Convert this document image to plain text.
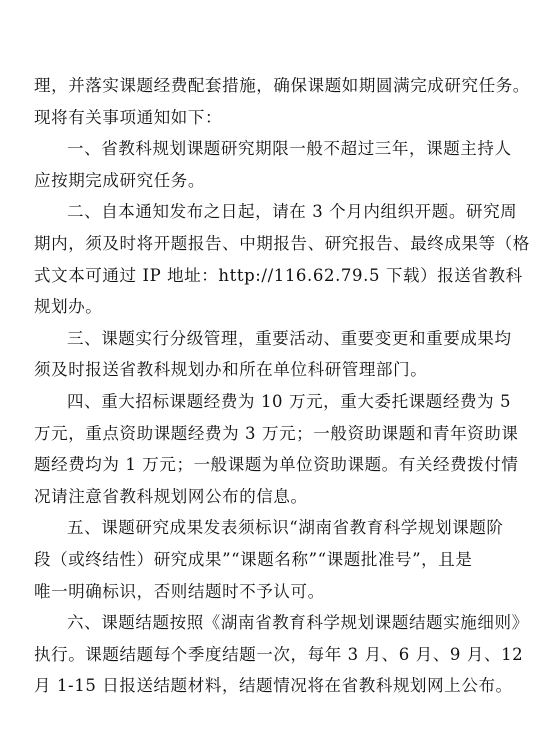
理，并落实课题经费配套措施，确保课题如期圆满完成研究任务。
现将有关事项通知如下：

一、省教科规划课题研究期限一般不超过三年，课题主持人
应按期完成研究任务。

二、自本通知发布之日起，请在 3 个月内组织开题。研究周
期内，须及时将开题报告、中期报告、研究报告、最终成果等（格
式文本可通过 IP 地址：http://116.62.79.5 下载）报送省教科
规划办。

三、课题实行分级管理，重要活动、重要变更和重要成果均
须及时报送省教科规划办和所在单位科研管理部门。

四、重大招标课题经费为 10 万元，重大委托课题经费为 5
万元，重点资助课题经费为 3 万元；一般资助课题和青年资助课
题经费均为 1 万元；一般课题为单位资助课题。有关经费拨付情
况请注意省教科规划网公布的信息。

五、课题研究成果发表须标识“湖南省教育科学规划课题阶
段（或终结性）研究成果”“课题名称”“课题批准号”，且是
唯一明确标识，否则结题时不予认可。

六、课题结题按照《湖南省教育科学规划课题结题实施细则》
执行。课题结题每个季度结题一次，每年 3 月、6 月、9 月、12
月 1-15 日报送结题材料，结题情况将在省教科规划网上公布。
